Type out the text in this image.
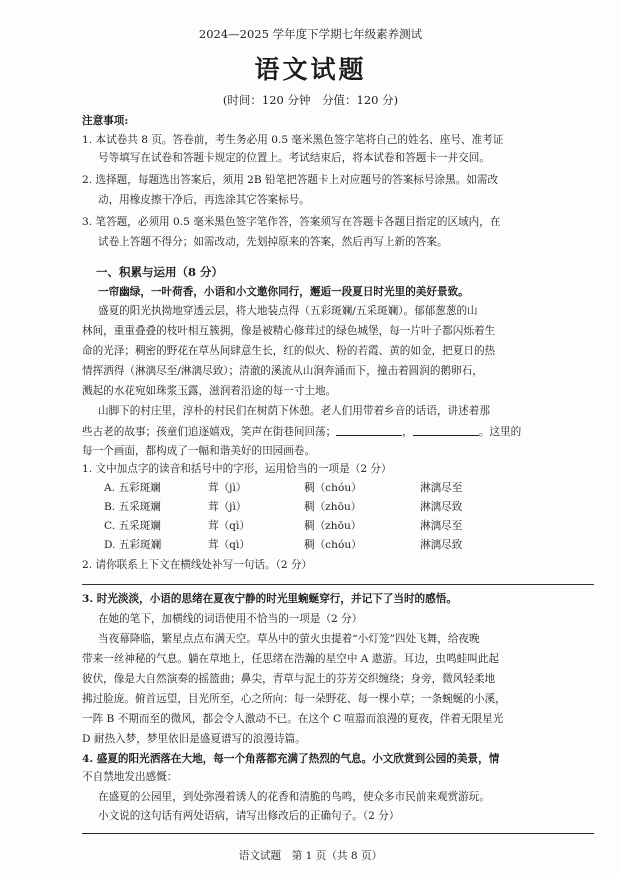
2024—2025 学年度下学期七年级素养测试
语文试题
(时间：120 分钟　分值：120 分)
注意事项:
1. 本试卷共 8 页。答卷前，考生务必用 0.5 毫米黑色签字笔将自己的姓名、座号、准考证
号等填写在试卷和答题卡规定的位置上。考试结束后，将本试卷和答题卡一并交回。
2. 选择题，每题选出答案后，须用 2B 铅笔把答题卡上对应题号的答案标号涂黑。如需改
动，用橡皮擦干净后，再选涂其它答案标号。
3. 笔答题，必须用 0.5 毫米黑色签字笔作答，答案须写在答题卡各题目指定的区域内，在
试卷上答题不得分；如需改动，先划掉原来的答案，然后再写上新的答案。
一、积累与运用（8 分）
一帘幽绿，一叶荷香，小语和小文邀你同行，邂逅一段夏日时光里的美好景致。
盛夏的阳光执拗地穿透云层，将大地装点得（五彩斑斓/五采斑斓）。郁郁葱葱的山
林间，重重叠叠的枝叶相互簇拥，像是被精心修茸过的绿色城堡，每一片叶子都闪烁着生
命的光泽；稠密的野花在草丛间肆意生长，红的似火、粉的若霞、黄的如金，把夏日的热
情挥洒得（淋漓尽至/淋漓尽致）；清澈的溪流从山涧奔涌而下，撞击着圆润的鹅卵石，
溅起的水花宛如珠浆玉露，滋润着沿途的每一寸土地。
山脚下的村庄里，淳朴的村民们在树荫下休憩。老人们用带着乡音的话语，讲述着那
些古老的故事；孩童们追逐嬉戏，笑声在街巷间回荡；	，	。这里的
每一个画面，都构成了一幅和谐美好的田园画卷。
1. 文中加点字的读音和括号中的字形，运用恰当的一项是（2 分）
A. 五彩斑斓	茸（jì）	稠（chóu）	淋漓尽至
B. 五采斑斓	茸（jì）	稠（zhōu）	淋漓尽致
C. 五采斑斓	茸（qì）	稠（zhōu）	淋漓尽至
D. 五彩斑斓	茸（qì）	稠（chóu）	淋漓尽致
2. 请你联系上下文在横线处补写一句话。（2 分）
3. 时光淡淡，小语的思绪在夏夜宁静的时光里蜿蜒穿行，并记下了当时的感悟。
在她的笔下，加横线的词语使用不恰当的一项是（2 分）
当夜幕降临，繁星点点布满天空。草丛中的萤火虫提着“小灯笼”四处飞舞，给夜晚
带来一丝神秘的气息。躺在草地上，任思绪在浩瀚的星空中 A 遨游。耳边，虫鸣蛙叫此起
彼伏，像是大自然演奏的摇篮曲；鼻尖，青草与泥土的芬芳交织缠绕；身旁，微风轻柔地
拂过脸庞。俯首远望，目光所至，心之所向：每一朵野花、每一棵小草；一条蜿蜒的小溪，
一阵 B 不期而至的微风，都会令人激动不已。在这个 C 喧嚣而浪漫的夏夜，伴着无限星光
D 耐热入梦，梦里依旧是盛夏谱写的浪漫诗篇。
4. 盛夏的阳光洒落在大地，每一个角落都充满了热烈的气息。小文欣赏到公园的美景，情
不自禁地发出感慨：
在盛夏的公园里，到处弥漫着诱人的花香和清脆的鸟鸣，使众多市民前来观赏游玩。
小文说的这句话有两处语病，请写出修改后的正确句子。（2 分）
语文试题　第 1 页（共 8 页）
